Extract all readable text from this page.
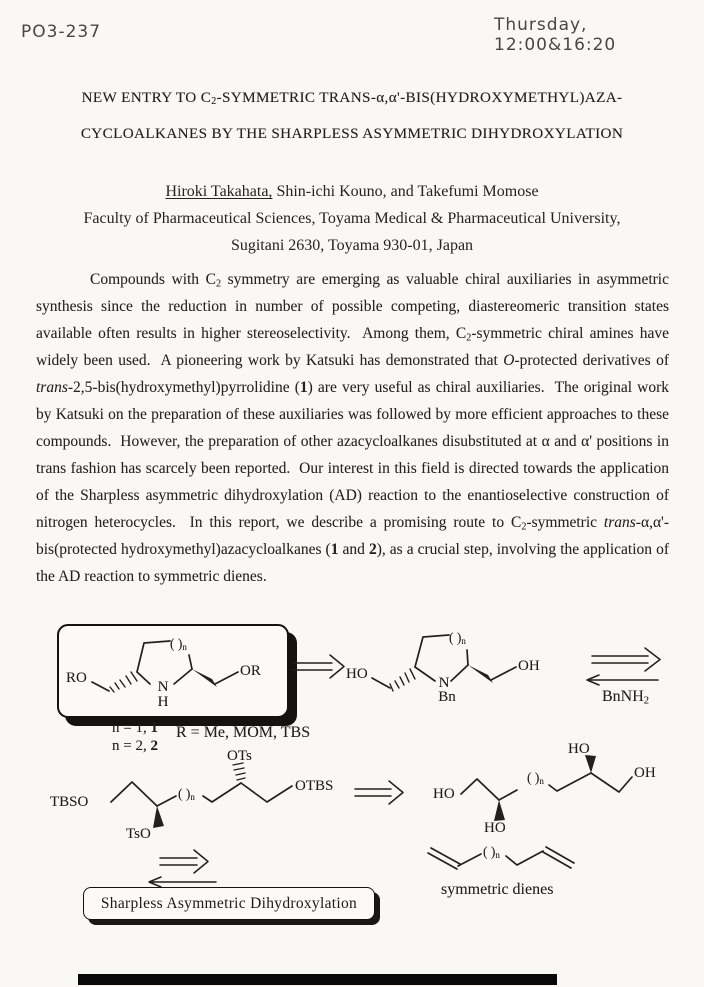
PO3-237	Thursday, 12:00&16:20
NEW ENTRY TO $C_2$-SYMMETRIC TRANS-α,α'-BIS(HYDROXYMETHYL)AZA-
CYCLOALKANES BY THE SHARPLESS ASYMMETRIC DIHYDROXYLATION
Hiroki Takahata, Shin-ichi Kouno, and Takefumi Momose
Faculty of Pharmaceutical Sciences, Toyama Medical & Pharmaceutical University,
Sugitani 2630, Toyama 930-01, Japan
Compounds with $C_2$ symmetry are emerging as valuable chiral auxiliaries in asymmetric synthesis since the reduction in number of possible competing, diastereomeric transition states available often results in higher stereoselectivity.  Among them, $C_2$-symmetric chiral amines have widely been used.  A pioneering work by Katsuki has demonstrated that O-protected derivatives of trans-2,5-bis(hydroxymethyl)pyrrolidine (1) are very useful as chiral auxiliaries.  The original work by Katsuki on the preparation of these auxiliaries was followed by more efficient approaches to these compounds.  However, the preparation of other azacycloalkanes disubstituted at α and α' positions in trans fashion has scarcely been reported.  Our interest in this field is directed towards the application of the Sharpless asymmetric dihydroxylation (AD) reaction to the enantioselective construction of nitrogen heterocycles.  In this report, we describe a promising route to $C_2$-symmetric trans-α,α'-bis(protected hydroxymethyl)azacycloalkanes (1 and 2), as a crucial step, involving the application of the AD reaction to symmetric dienes.
RO	OR
( )$_n$
N
H
n = 1, 1
n = 2, 2
R = Me, MOM, TBS
HO	OH
( )$_n$
N
Bn	BnNH$_2$
TBSO
TsO
OTs
OTBS
( )$_n$	HO
HO
HO
OH
( )$_n$
Sharpless Asymmetric Dihydroxylation
( )$_n$
symmetric dienes
